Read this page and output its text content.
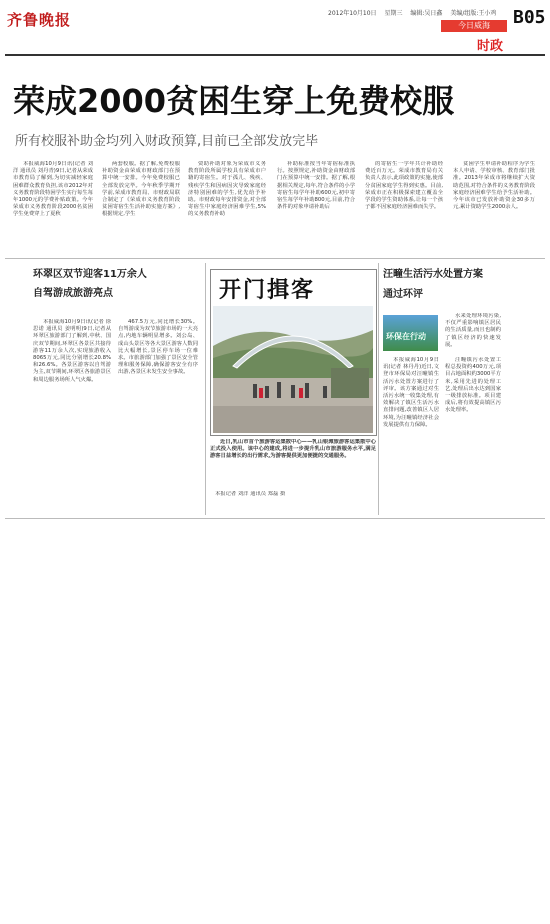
齐鲁晚报	2012年10月10日 星期三 编辑:吴日鑫 美编/组版:王小鸡
今日威海
时政
B05
荣成2000贫困生穿上免费校服
所有校服补助金均列入财政预算,目前已全部发放完毕

本报威海10月9日讯(记者 刘洋 通讯员 刘丹青)9日,记者从荣成市教育局了解到,为切实减轻家庭困难群众教育负担,该市2012年对义务教育阶段特困学生实行每生每年1000元的学费补贴政策。今年荣成市义务教育阶段2000名贫困学生免费穿上了夏秋

两套校服。据了解,免费校服补助资金由荣成市财政部门在预算中统一安排。今年免费校服已全部发放完毕。今年秋季学期开学前,荣成市教育局、市财政局联合制定了《荣成市义务教育阶段贫困寄宿生生活补助实施方案》,根据规定,学生

资助补助对象为荣成市义务教育阶段所属学校具有荣成市户籍的寄宿生。对于孤儿、残疾、残疾学生和因病因灾导致家庭经济特别困难的学生,优先给予补助。市财政每年安排资金,对全部寄宿生中家庭经济困难学生,5%的义务教育补助

补助标准按当年寄宿标准执行。按照规定,补助资金由财政部门在预算中统一安排。据了解,根据相关规定,每年,符合条件的小学寄宿生每学年补助600元,初中寄宿生每学年补助800元,目前,符合条件的对象申请补助后

的寄宿生一学年共计补助经费近百万元。荣成市教育局有关负责人表示,此项政策的实施,使部分贫困家庭学生得到实惠。目前,荣成市正在积极探索建立覆盖全学段的学生资助体系,让每一个孩子都不因家庭经济困难而失学。

贫困学生申请补助程序为学生本人申请、学校审核、教育部门批准。2013年荣成市将继续扩大资助范围,对符合条件的义务教育阶段家庭经济困难学生给予生活补助。今年该市已发放补助资金30多万元,累计资助学生2000余人。

环翠区双节迎客11万余人
自驾游成旅游亮点

本报威海10月9日讯(记者 徐思诺 通讯员 姜明明)9日,记者从环翠区旅游部门了解到,中秋、国庆双节期间,环翠区各景区共接待游客11万余人次,实现旅游收入8065万元,同比分别增长20.8%和26.6%。各景区游客以自驾游为主,双节期间,环翠区各旅游景区和周边服务场所人气火爆。

467.5万元,同比增长30%。自驾游成为双节旅游市场的一大亮点,内地车辆明显增多。刘公岛、成山头景区等各大景区游客人数同比大幅增长,景区停车场一位难求。市旅游部门加强了景区安全管理和服务保障,确保游客安全有序出游,各景区未发生安全事故。

开门揖客

近日,乳山市首个旅游客运集散中心——乳山银滩旅游客运集散中心正式投入使用。该中心的建成,将进一步提升乳山市旅游服务水平,满足游客日益增长的出行需求,为游客提供更加便捷的交通服务。

本报记者 刘洋 通讯员 郑磊 摄
汪疃生活污水处置方案
通过环评
环保在行动

水来处理环境污染,不仅严重影响镇区居民的生活质量,而且也制约了镇区经济的快速发展。

本报威海10月9日讯(记者 林丹丹)近日,文登市环保局对汪疃镇生活污水处置方案进行了评审。该方案通过对生活污水统一收集处理,有效解决了镇区生活污水直排问题,改善镇区人居环境,为汪疃镇经济社会发展提供有力保障。

汪疃镇污水处置工程总投资约400万元,项目占地面积约3000平方米,采用先进的处理工艺,处理后出水达到国家一级排放标准。项目建成后,将有效提高镇区污水处理率。
